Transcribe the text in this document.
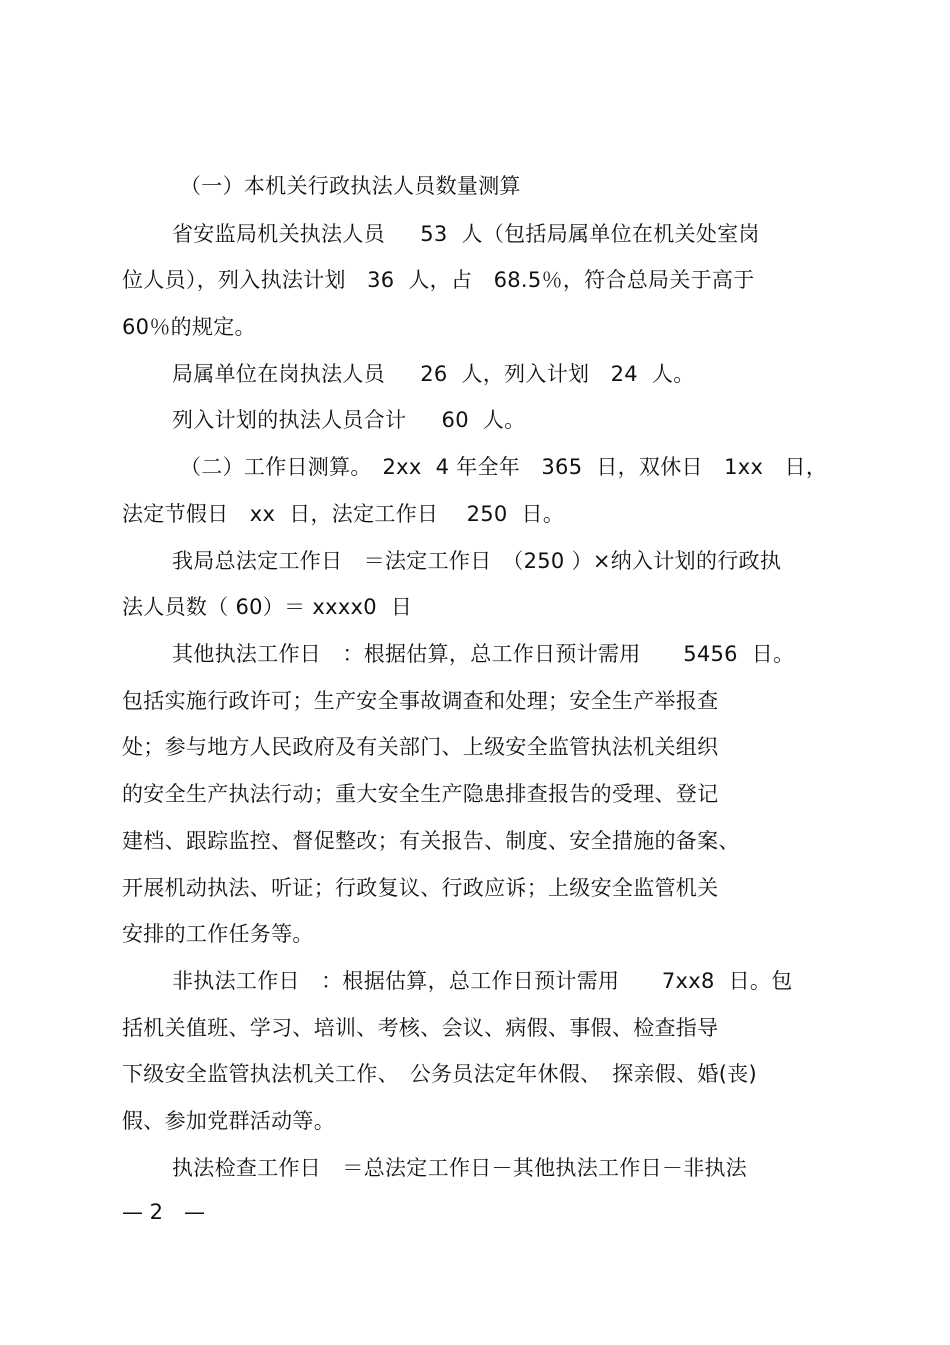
（一）本机关行政执法人员数量测算
省安监局机关执法人员　  53  人（包括局属单位在机关处室岗
位人员），列入执法计划　36  人，占　68.5％，符合总局关于高于
60％的规定。
局属单位在岗执法人员　  26  人，列入计划　24  人。
列入计划的执法人员合计　  60  人。
（二）工作日测算。　2xx  4 年全年　365  日，双休日　1xx　日，
法定节假日　xx  日，法定工作日　 250  日。
我局总法定工作日　＝法定工作日　（250 ）×纳入计划的行政执
法人员数（ 60）＝ xxxx0  日
其他执法工作日　：根据估算，总工作日预计需用　　5456  日。
包括实施行政许可；生产安全事故调查和处理；安全生产举报查
处；参与地方人民政府及有关部门、上级安全监管执法机关组织
的安全生产执法行动；重大安全生产隐患排查报告的受理、登记
建档、跟踪监控、督促整改；有关报告、制度、安全措施的备案、
开展机动执法、听证；行政复议、行政应诉；上级安全监管机关
安排的工作任务等。
非执法工作日　：根据估算，总工作日预计需用　　7xx8  日。包
括机关值班、学习、培训、考核、会议、病假、事假、检查指导
下级安全监管执法机关工作、　公务员法定年休假、　探亲假、婚(丧)
假、参加党群活动等。
执法检查工作日　＝总法定工作日－其他执法工作日－非执法
— 2　—
